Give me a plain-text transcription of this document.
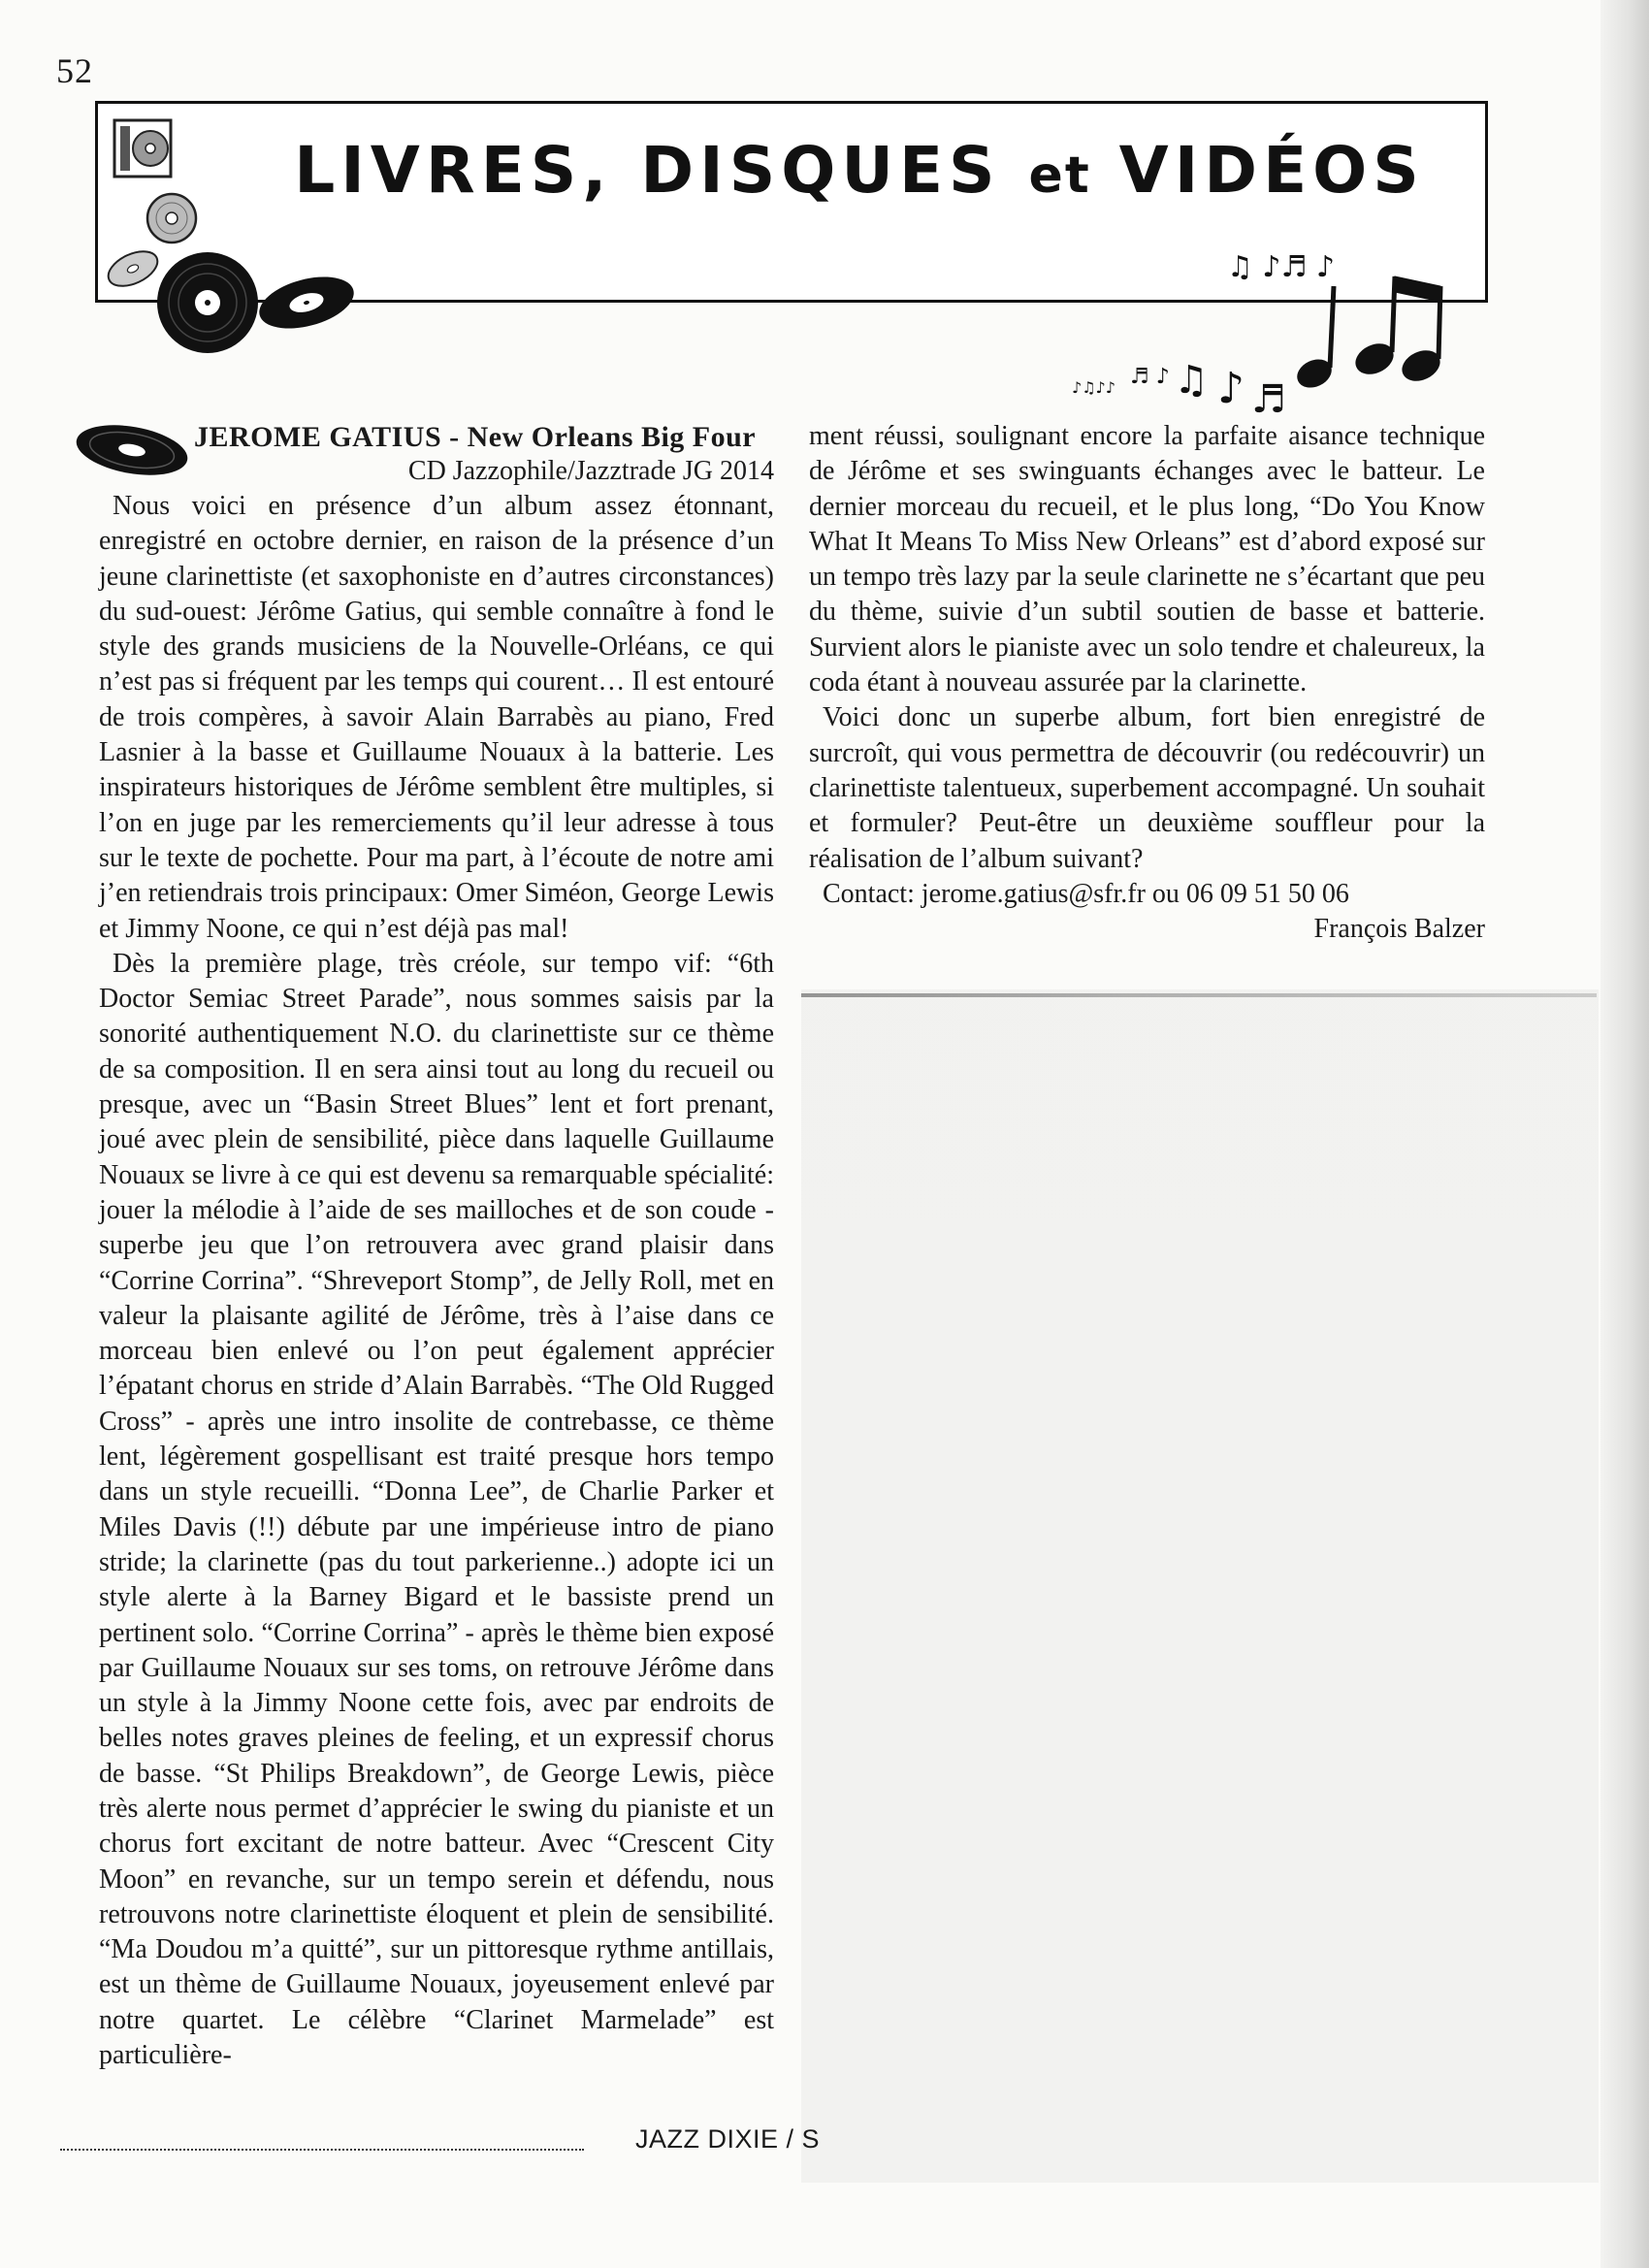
52
LIVRES, DISQUES et VIDÉOS
♫ ♪♬ ♪
♪♫♪♪ ♬ ♪ ♫ ♪ ♬
JEROME GATIUS - New Orleans Big Four
CD Jazzophile/Jazztrade JG 2014

Nous voici en présence d’un album assez étonnant, enregistré en octobre dernier, en raison de la présence d’un jeune clarinettiste (et saxophoniste en d’autres circonstances) du sud-ouest: Jérôme Gatius, qui semble connaître à fond le style des grands musiciens de la Nouvelle-Orléans, ce qui n’est pas si fréquent par les temps qui courent… Il est entouré de trois compères, à savoir Alain Barrabès au piano, Fred Lasnier à la basse et Guillaume Nouaux à la batterie. Les inspirateurs historiques de Jérôme semblent être multiples, si l’on en juge par les remerciements qu’il leur adresse à tous sur le texte de pochette. Pour ma part, à l’écoute de notre ami j’en retiendrais trois principaux: Omer Siméon, George Lewis et Jimmy Noone, ce qui n’est déjà pas mal!

Dès la première plage, très créole, sur tempo vif: “6th Doctor Semiac Street Parade”, nous sommes saisis par la sonorité authentiquement N.O. du clarinettiste sur ce thème de sa composition. Il en sera ainsi tout au long du recueil ou presque, avec un “Basin Street Blues” lent et fort prenant, joué avec plein de sensibilité, pièce dans laquelle Guillaume Nouaux se livre à ce qui est devenu sa remarquable spécialité: jouer la mélodie à l’aide de ses mailloches et de son coude - superbe jeu que l’on retrouvera avec grand plaisir dans “Corrine Corrina”. “Shreveport Stomp”, de Jelly Roll, met en valeur la plaisante agilité de Jérôme, très à l’aise dans ce morceau bien enlevé ou l’on peut également apprécier l’épatant chorus en stride d’Alain Barrabès. “The Old Rugged Cross” - après une intro insolite de contrebasse, ce thème lent, légèrement gospellisant est traité presque hors tempo dans un style recueilli. “Donna Lee”, de Charlie Parker et Miles Davis (!!) débute par une impérieuse intro de piano stride; la clarinette (pas du tout parkerienne..) adopte ici un style alerte à la Barney Bigard et le bassiste prend un pertinent solo. “Corrine Corrina” - après le thème bien exposé par Guillaume Nouaux sur ses toms, on retrouve Jérôme dans un style à la Jimmy Noone cette fois, avec par endroits de belles notes graves pleines de feeling, et un expressif chorus de basse. “St Philips Breakdown”, de George Lewis, pièce très alerte nous permet d’apprécier le swing du pianiste et un chorus fort excitant de notre batteur. Avec “Crescent City Moon” en revanche, sur un tempo serein et défendu, nous retrouvons notre clarinettiste éloquent et plein de sensibilité. “Ma Doudou m’a quitté”, sur un pittoresque rythme antillais, est un thème de Guillaume Nouaux, joyeusement enlevé par notre quartet. Le célèbre “Clarinet Marmelade” est particulière-

ment réussi, soulignant encore la parfaite aisance technique de Jérôme et ses swinguants échanges avec le batteur. Le dernier morceau du recueil, et le plus long, “Do You Know What It Means To Miss New Orleans” est d’abord exposé sur un tempo très lazy par la seule clarinette ne s’écartant que peu du thème, suivie d’un subtil soutien de basse et batterie. Survient alors le pianiste avec un solo tendre et chaleureux, la coda étant à nouveau assurée par la clarinette.

Voici donc un superbe album, fort bien enregistré de surcroît, qui vous permettra de découvrir (ou redécouvrir) un clarinettiste talentueux, superbement accompagné. Un souhait et formuler? Peut-être un deuxième souffleur pour la réalisation de l’album suivant?

Contact: jerome.gatius@sfr.fr ou 06 09 51 50 06

François Balzer
JAZZ DIXIE / S
